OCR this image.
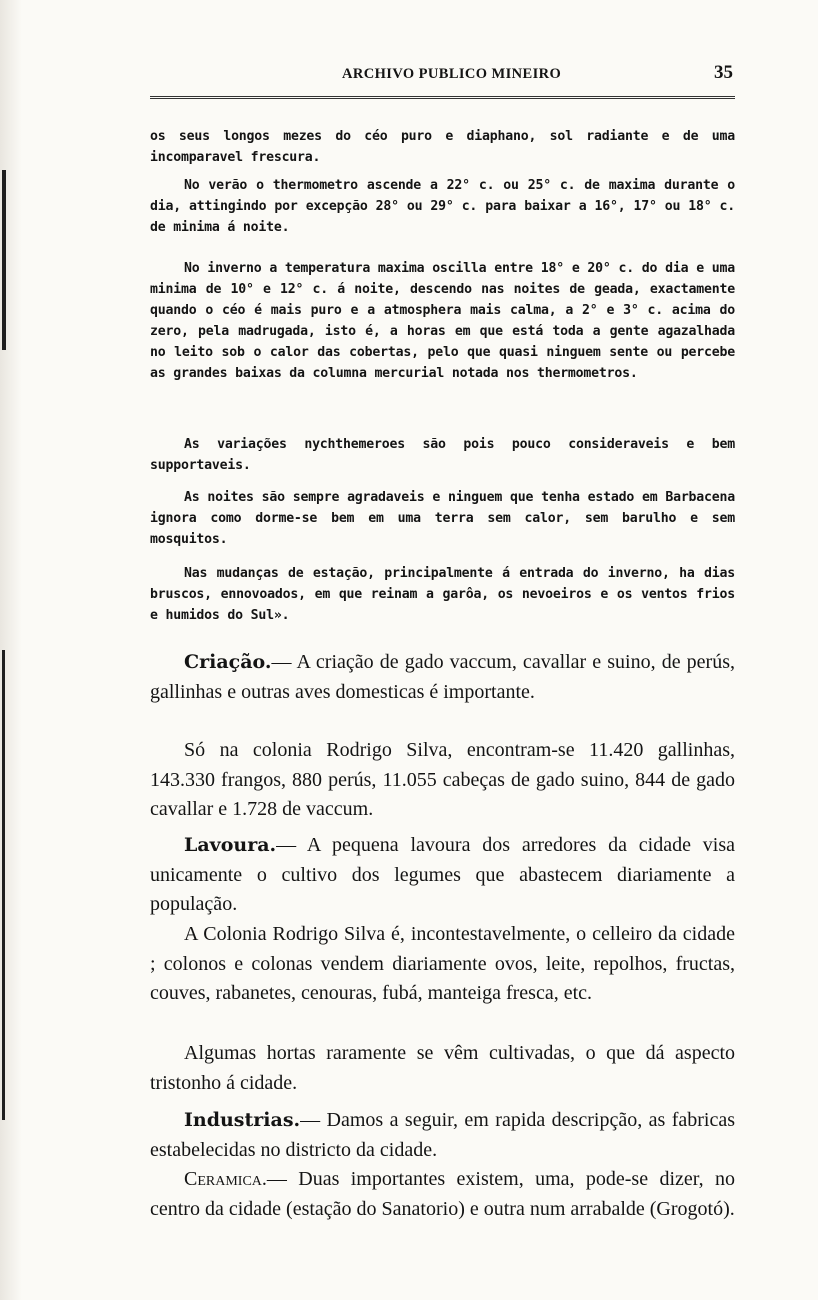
ARCHIVO PUBLICO MINEIRO	35

os seus longos mezes do céo puro e diaphano, sol radiante e de uma incomparavel frescura.

No verão o thermometro ascende a 22° c. ou 25° c. de maxima durante o dia, attingindo por excepção 28° ou 29° c. para baixar a 16°, 17° ou 18° c. de minima á noite.

No inverno a temperatura maxima oscilla entre 18° e 20° c. do dia e uma minima de 10° e 12° c. á noite, descendo nas noites de geada, exactamente quando o céo é mais puro e a atmosphera mais calma, a 2° e 3° c. acima do zero, pela madrugada, isto é, a horas em que está toda a gente agazalhada no leito sob o calor das cobertas, pelo que quasi ninguem sente ou percebe as grandes baixas da columna mercurial notada nos thermometros.

As variações nychthemeroes são pois pouco consideraveis e bem supportaveis.

As noites são sempre agradaveis e ninguem que tenha estado em Barbacena ignora como dorme-se bem em uma terra sem calor, sem barulho e sem mosquitos.

Nas mudanças de estação, principalmente á entrada do inverno, ha dias bruscos, ennovoados, em que reinam a garôa, os nevoeiros e os ventos frios e humidos do Sul».

Criação.— A criação de gado vaccum, cavallar e suino, de perús, gallinhas e outras aves domesticas é importante.

Só na colonia Rodrigo Silva, encontram-se 11.420 gallinhas, 143.330 frangos, 880 perús, 11.055 cabeças de gado suino, 844 de gado cavallar e 1.728 de vaccum.

Lavoura.— A pequena lavoura dos arredores da cidade visa unicamente o cultivo dos legumes que abastecem diariamente a população.

A Colonia Rodrigo Silva é, incontestavelmente, o celleiro da cidade ; colonos e colonas vendem diariamente ovos, leite, repolhos, fructas, couves, rabanetes, cenouras, fubá, manteiga fresca, etc.

Algumas hortas raramente se vêm cultivadas, o que dá aspecto tristonho á cidade.

Industrias.— Damos a seguir, em rapida descripção, as fabricas estabelecidas no districto da cidade.

Ceramica.— Duas importantes existem, uma, pode-se dizer, no centro da cidade (estação do Sanatorio) e outra num arrabalde (Grogotó).
